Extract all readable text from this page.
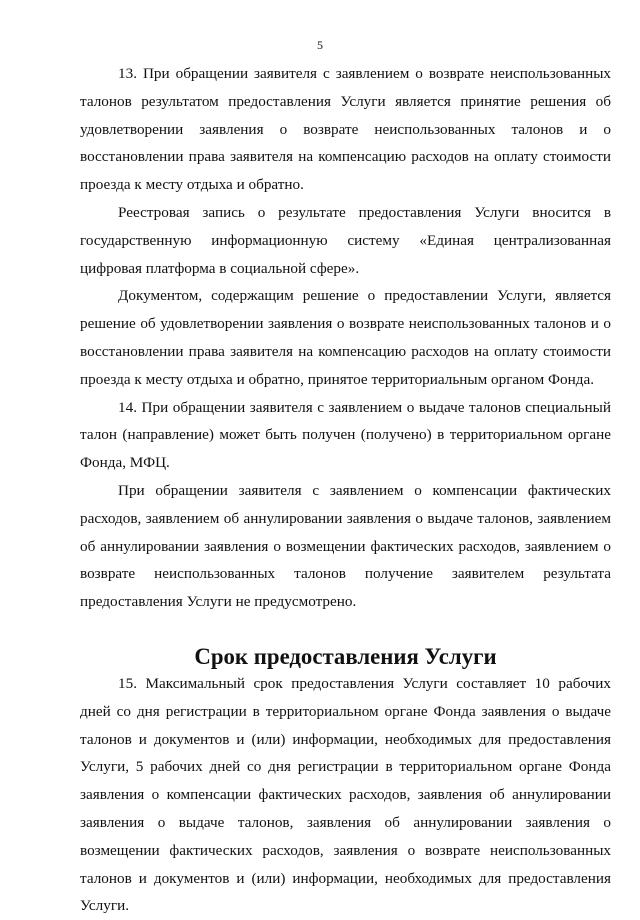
5

13. При обращении заявителя с заявлением о возврате неиспользованных талонов результатом предоставления Услуги является принятие решения об удовлетворении заявления о возврате неиспользованных талонов и о восстановлении права заявителя на компенсацию расходов на оплату стоимости проезда к месту отдыха и обратно.

Реестровая запись о результате предоставления Услуги вносится в государственную информационную систему «Единая централизованная цифровая платформа в социальной сфере».

Документом, содержащим решение о предоставлении Услуги, является решение об удовлетворении заявления о возврате неиспользованных талонов и о восстановлении права заявителя на компенсацию расходов на оплату стоимости проезда к месту отдыха и обратно, принятое территориальным органом Фонда.

14. При обращении заявителя с заявлением о выдаче талонов специальный талон (направление) может быть получен (получено) в территориальном органе Фонда, МФЦ.

При обращении заявителя с заявлением о компенсации фактических расходов, заявлением об аннулировании заявления о выдаче талонов, заявлением об аннулировании заявления о возмещении фактических расходов, заявлением о возврате неиспользованных талонов получение заявителем результата предоставления Услуги не предусмотрено.

Срок предоставления Услуги

15. Максимальный срок предоставления Услуги составляет 10 рабочих дней со дня регистрации в территориальном органе Фонда заявления о выдаче талонов и документов и (или) информации, необходимых для предоставления Услуги, 5 рабочих дней со дня регистрации в территориальном органе Фонда заявления о компенсации фактических расходов, заявления об аннулировании заявления о выдаче талонов, заявления об аннулировании заявления о возмещении фактических расходов, заявления о возврате неиспользованных талонов и документов и (или) информации, необходимых для предоставления Услуги.
